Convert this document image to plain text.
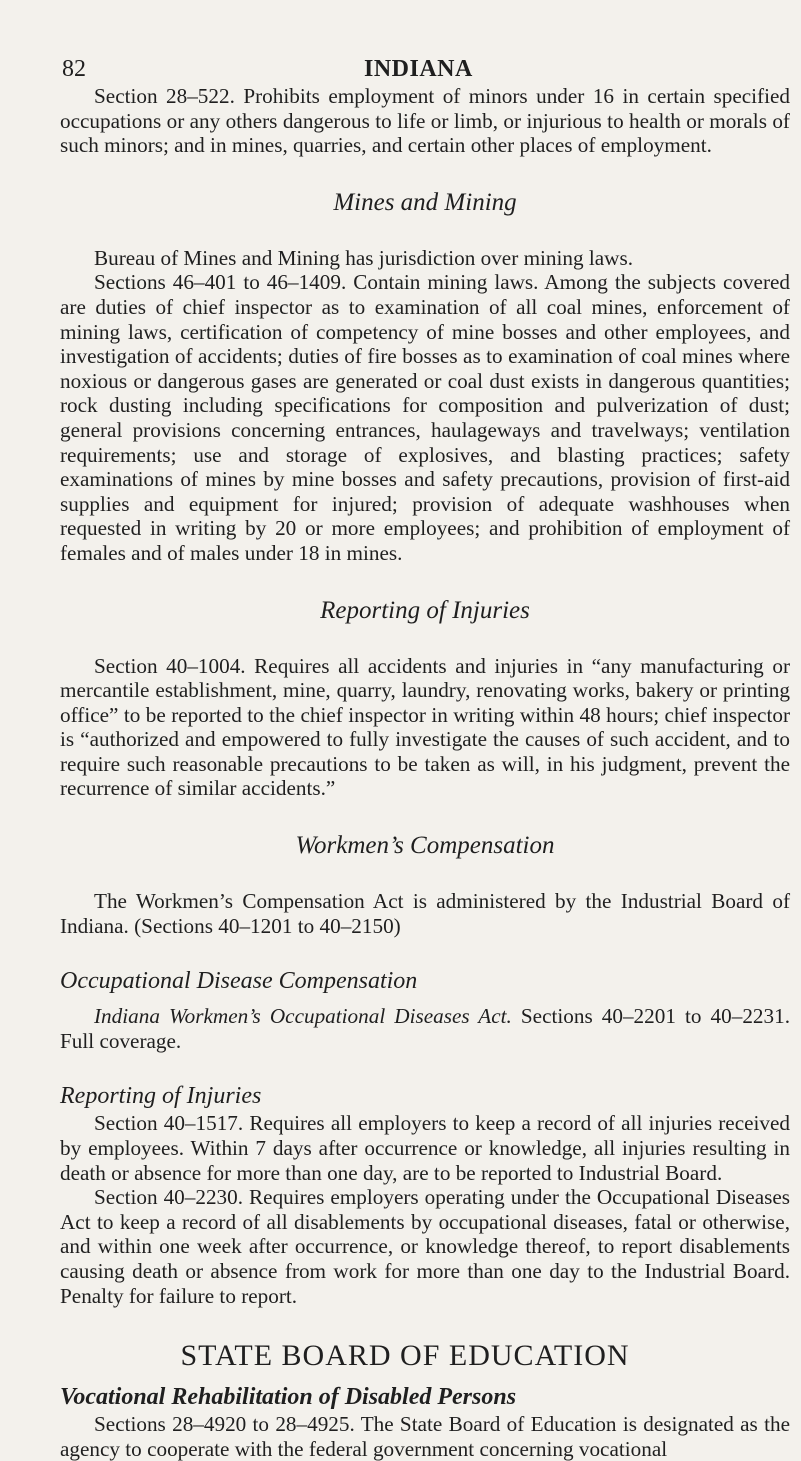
82	INDIANA

Section 28–522. Prohibits employment of minors under 16 in certain specified occupations or any others dangerous to life or limb, or injurious to health or morals of such minors; and in mines, quarries, and certain other places of employment.

Mines and Mining

Bureau of Mines and Mining has jurisdiction over mining laws.

Sections 46–401 to 46–1409. Contain mining laws. Among the subjects covered are duties of chief inspector as to examination of all coal mines, enforcement of mining laws, certification of competency of mine bosses and other employees, and investigation of accidents; duties of fire bosses as to examination of coal mines where noxious or dangerous gases are generated or coal dust exists in dangerous quantities; rock dusting including specifications for composition and pulverization of dust; general provisions concerning entrances, haulageways and travelways; ventilation requirements; use and storage of explosives, and blasting practices; safety examinations of mines by mine bosses and safety precautions, provision of first-aid supplies and equipment for injured; provision of adequate washhouses when requested in writing by 20 or more employees; and prohibition of employment of females and of males under 18 in mines.

Reporting of Injuries

Section 40–1004. Requires all accidents and injuries in “any manufacturing or mercantile establishment, mine, quarry, laundry, renovating works, bakery or printing office” to be reported to the chief inspector in writing within 48 hours; chief inspector is “authorized and empowered to fully investigate the causes of such accident, and to require such reasonable precautions to be taken as will, in his judgment, prevent the recurrence of similar accidents.”

Workmen’s Compensation

The Workmen’s Compensation Act is administered by the Industrial Board of Indiana. (Sections 40–1201 to 40–2150)

Occupational Disease Compensation

Indiana Workmen’s Occupational Diseases Act. Sections 40–2201 to 40–2231. Full coverage.

Reporting of Injuries

Section 40–1517. Requires all employers to keep a record of all injuries received by employees. Within 7 days after occurrence or knowledge, all injuries resulting in death or absence for more than one day, are to be reported to Industrial Board.

Section 40–2230. Requires employers operating under the Occupational Diseases Act to keep a record of all disablements by occupational diseases, fatal or otherwise, and within one week after occurrence, or knowledge thereof, to report disablements causing death or absence from work for more than one day to the Industrial Board. Penalty for failure to report.

STATE BOARD OF EDUCATION

Vocational Rehabilitation of Disabled Persons

Sections 28–4920 to 28–4925. The State Board of Education is designated as the agency to cooperate with the federal government concerning vocational
